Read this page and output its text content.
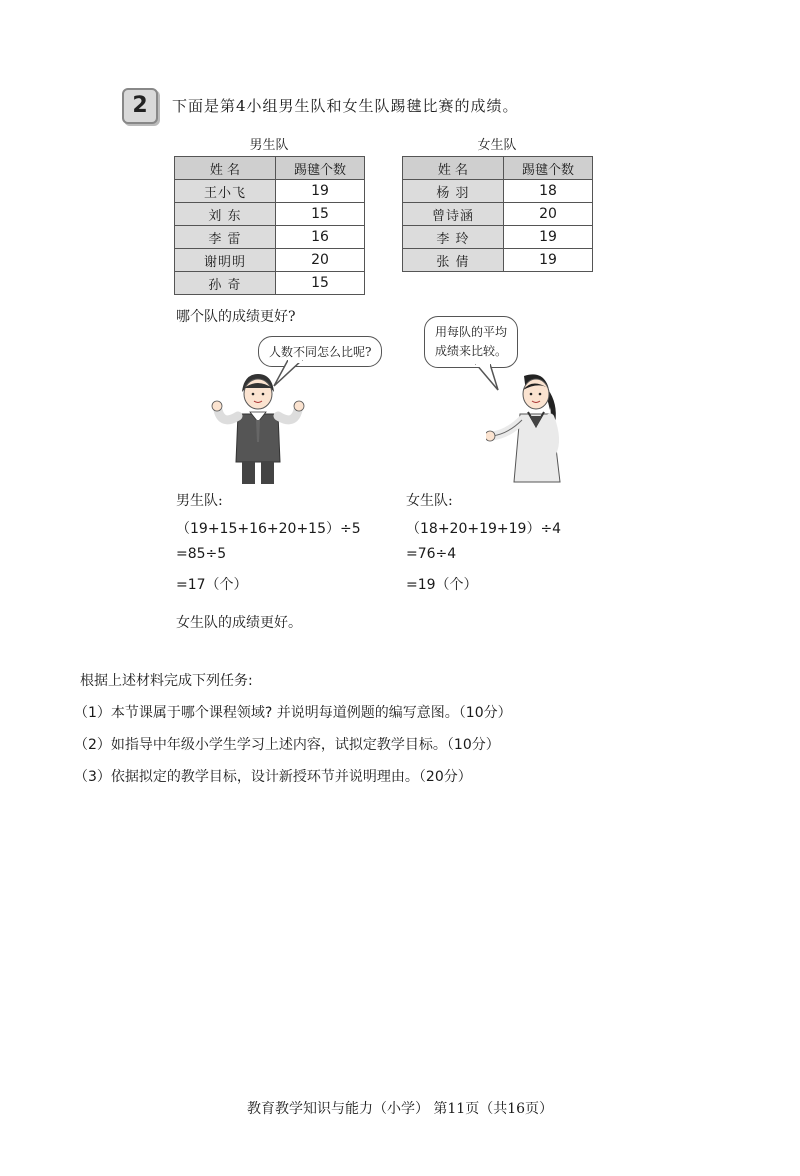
2	下面是第4小组男生队和女生队踢毽比赛的成绩。
男生队
姓 名	踢毽个数
王小飞	19
刘 东	15
李 雷	16
谢明明	20
孙 奇	15
女生队
姓 名	踢毽个数
杨 羽	18
曾诗涵	20
李 玲	19
张 倩	19
哪个队的成绩更好?
人数不同怎么比呢?
用每队的平均
成绩来比较。
男生队:
（19+15+16+20+15）÷5
=85÷5
=17（个）
女生队:
（18+20+19+19）÷4
=76÷4
=19（个）
女生队的成绩更好。
根据上述材料完成下列任务:
（1）本节课属于哪个课程领域? 并说明每道例题的编写意图。（10分）
（2）如指导中年级小学生学习上述内容，试拟定教学目标。（10分）
（3）依据拟定的教学目标，设计新授环节并说明理由。（20分）
教育教学知识与能力（小学） 第11页（共16页）
